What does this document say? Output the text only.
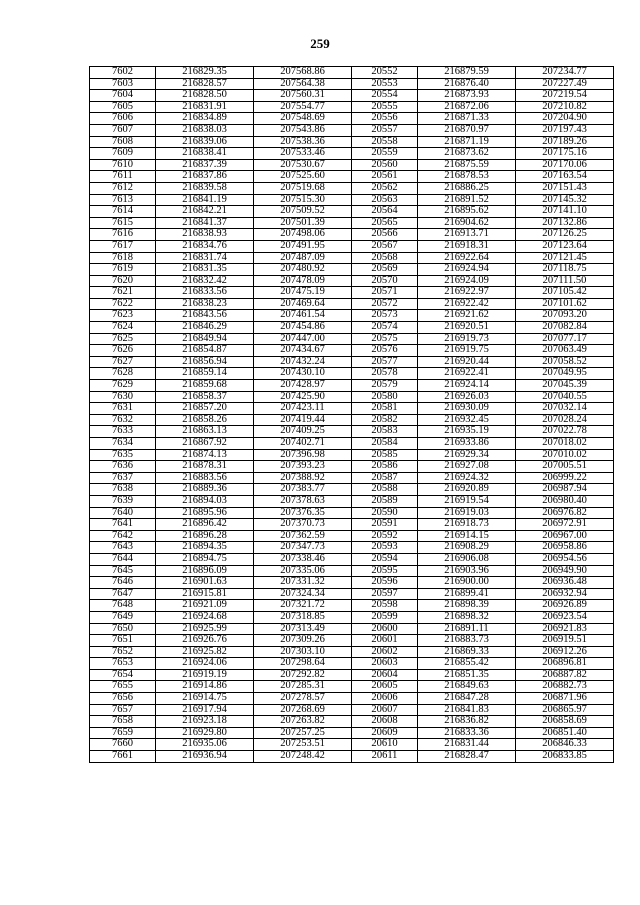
259
7602	216829.35	207568.86	20552	216879.59	207234.77
7603	216828.57	207564.38	20553	216876.40	207227.49
7604	216828.50	207560.31	20554	216873.93	207219.54
7605	216831.91	207554.77	20555	216872.06	207210.82
7606	216834.89	207548.69	20556	216871.33	207204.90
7607	216838.03	207543.86	20557	216870.97	207197.43
7608	216839.06	207538.36	20558	216871.19	207189.26
7609	216838.41	207533.46	20559	216873.62	207175.16
7610	216837.39	207530.67	20560	216875.59	207170.06
7611	216837.86	207525.60	20561	216878.53	207163.54
7612	216839.58	207519.68	20562	216886.25	207151.43
7613	216841.19	207515.30	20563	216891.52	207145.32
7614	216842.21	207509.52	20564	216895.62	207141.10
7615	216841.37	207501.39	20565	216904.62	207132.86
7616	216838.93	207498.06	20566	216913.71	207126.25
7617	216834.76	207491.95	20567	216918.31	207123.64
7618	216831.74	207487.09	20568	216922.64	207121.45
7619	216831.35	207480.92	20569	216924.94	207118.75
7620	216832.42	207478.09	20570	216924.09	207111.50
7621	216833.56	207475.19	20571	216922.97	207105.42
7622	216838.23	207469.64	20572	216922.42	207101.62
7623	216843.56	207461.54	20573	216921.62	207093.20
7624	216846.29	207454.86	20574	216920.51	207082.84
7625	216849.94	207447.00	20575	216919.73	207077.17
7626	216854.87	207434.67	20576	216919.75	207063.49
7627	216856.94	207432.24	20577	216920.44	207058.52
7628	216859.14	207430.10	20578	216922.41	207049.95
7629	216859.68	207428.97	20579	216924.14	207045.39
7630	216858.37	207425.90	20580	216926.03	207040.55
7631	216857.20	207423.11	20581	216930.09	207032.14
7632	216858.26	207419.44	20582	216932.45	207028.24
7633	216863.13	207409.25	20583	216935.19	207022.78
7634	216867.92	207402.71	20584	216933.86	207018.02
7635	216874.13	207396.98	20585	216929.34	207010.02
7636	216878.31	207393.23	20586	216927.08	207005.51
7637	216883.56	207388.92	20587	216924.32	206999.22
7638	216889.36	207383.77	20588	216920.89	206987.94
7639	216894.03	207378.63	20589	216919.54	206980.40
7640	216895.96	207376.35	20590	216919.03	206976.82
7641	216896.42	207370.73	20591	216918.73	206972.91
7642	216896.28	207362.59	20592	216914.15	206967.00
7643	216894.35	207347.73	20593	216908.29	206958.86
7644	216894.75	207338.46	20594	216906.08	206954.56
7645	216896.09	207335.06	20595	216903.96	206949.90
7646	216901.63	207331.32	20596	216900.00	206936.48
7647	216915.81	207324.34	20597	216899.41	206932.94
7648	216921.09	207321.72	20598	216898.39	206926.89
7649	216924.68	207318.85	20599	216898.32	206923.54
7650	216925.99	207313.49	20600	216891.11	206921.83
7651	216926.76	207309.26	20601	216883.73	206919.51
7652	216925.82	207303.10	20602	216869.33	206912.26
7653	216924.06	207298.64	20603	216855.42	206896.81
7654	216919.19	207292.82	20604	216851.35	206887.82
7655	216914.86	207285.31	20605	216849.63	206882.73
7656	216914.75	207278.57	20606	216847.28	206871.96
7657	216917.94	207268.69	20607	216841.83	206865.97
7658	216923.18	207263.82	20608	216836.82	206858.69
7659	216929.80	207257.25	20609	216833.36	206851.40
7660	216935.06	207253.51	20610	216831.44	206846.33
7661	216936.94	207248.42	20611	216828.47	206833.85
